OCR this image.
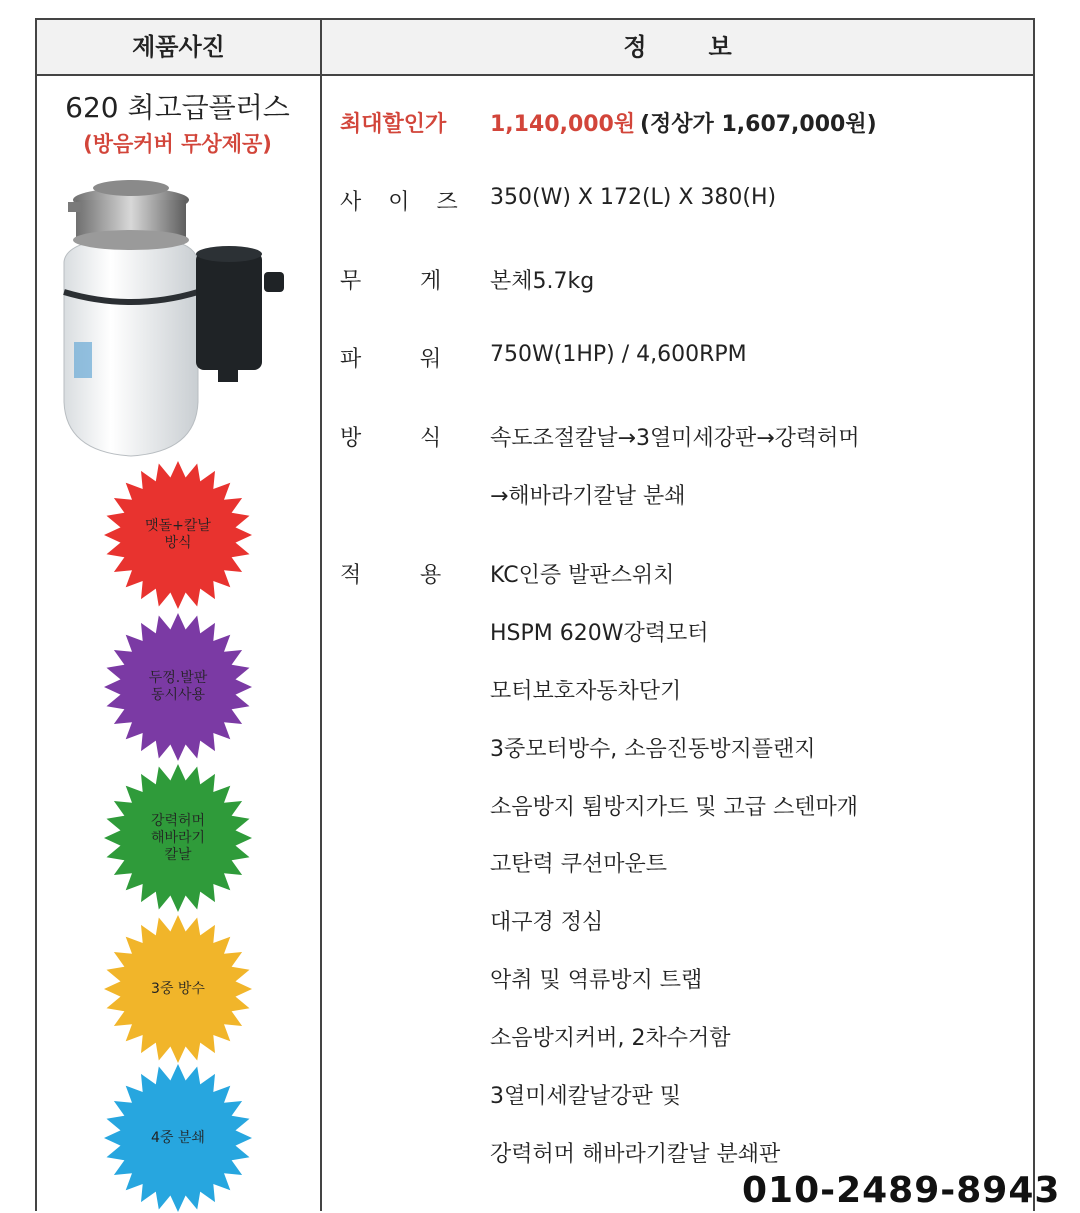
제품사진	정보
620 최고급플러스
(방음커버 무상제공)
맷돌+칼날
방식
두껑.발판
동시사용
강력허머
해바라기
칼날
3중 방수
4중 분쇄
최대할인가 1,140,000원 (정상가 1,607,000원)
사 이 즈 350(W) X 172(L) X 380(H)
무	게 본체5.7kg
파	워 750W(1HP) / 4,600RPM
방	식 속도조절칼날→3열미세강판→강력허머
→해바라기칼날 분쇄
적	용 KC인증 발판스위치
HSPM 620W강력모터
모터보호자동차단기
3중모터방수, 소음진동방지플랜지
소음방지 툄방지가드 및 고급 스텐마개
고탄력 쿠션마운트
대구경 정심
악취 및 역류방지 트랩
소음방지커버, 2차수거함
3열미세칼날강판 및
강력허머 해바라기칼날 분쇄판
010-2489-8943
